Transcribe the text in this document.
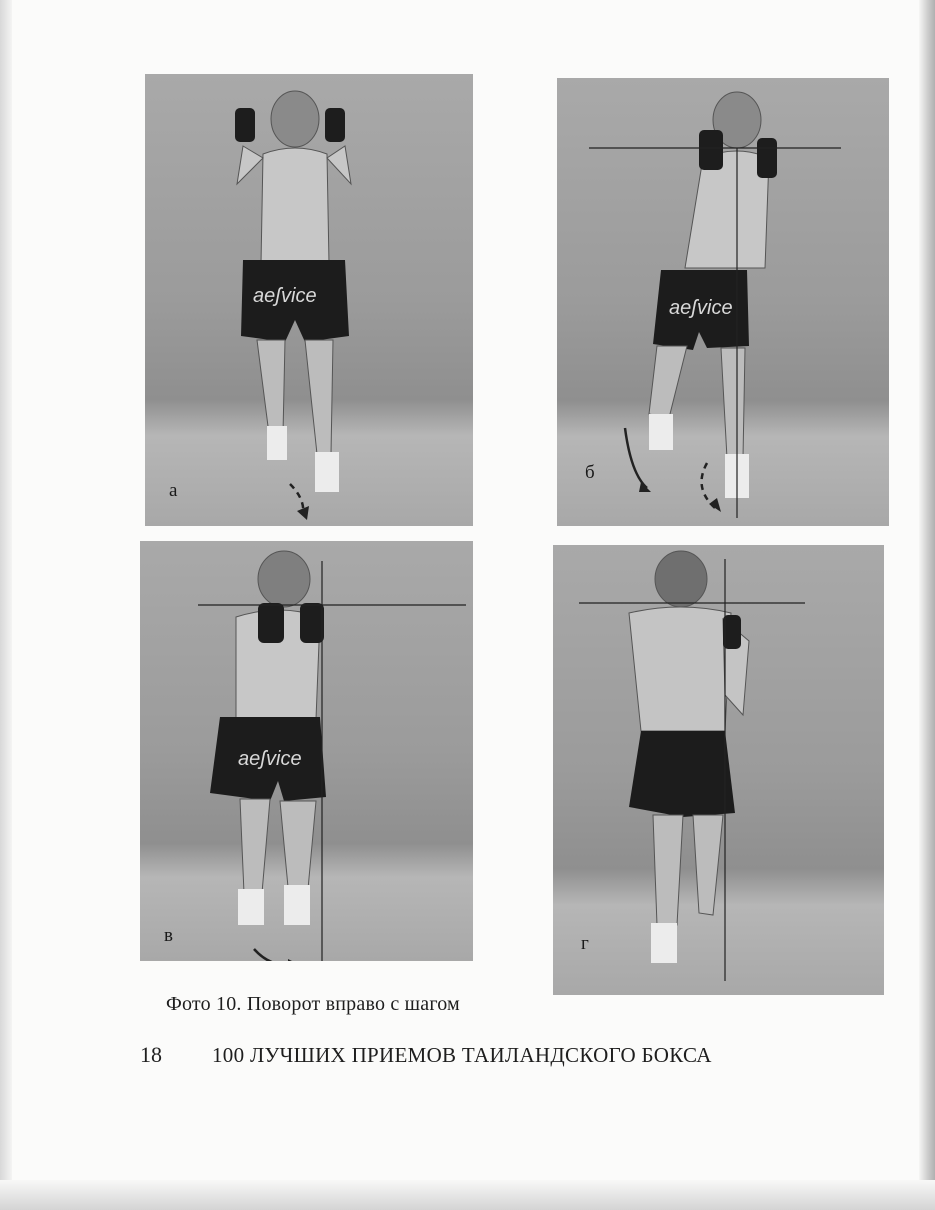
aeʃvice
а
aeʃvice
б
aeʃvice
в	г
Фото 10. Поворот вправо с шагом
18 100 ЛУЧШИХ ПРИЕМОВ ТАИЛАНДСКОГО БОКСА
